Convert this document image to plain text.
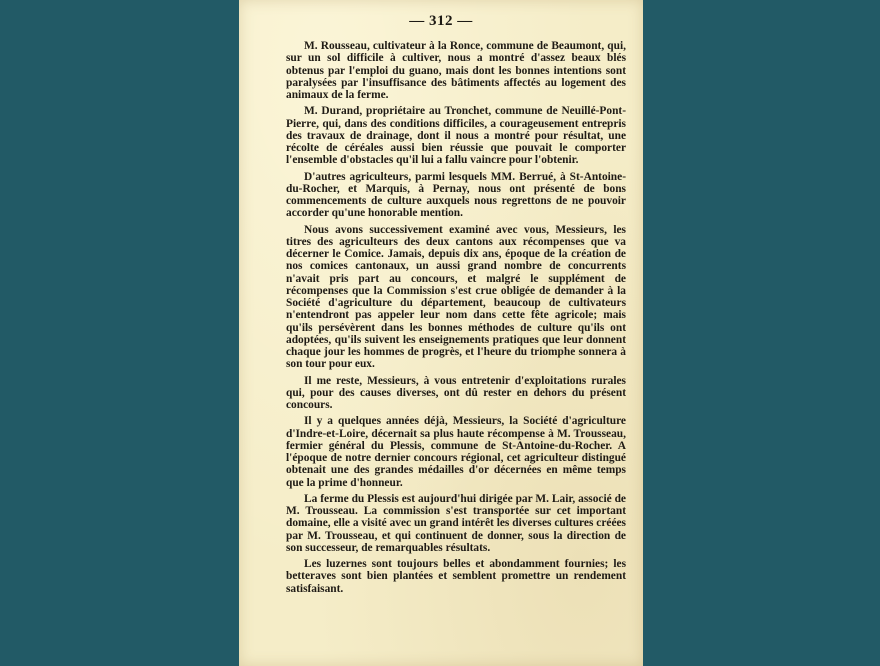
— 312 —

M. Rousseau, cultivateur à la Ronce, commune de Beaumont, qui, sur un sol difficile à cultiver, nous a montré d'assez beaux blés obtenus par l'emploi du guano, mais dont les bonnes intentions sont paralysées par l'insuffisance des bâtiments affectés au logement des animaux de la ferme.

M. Durand, propriétaire au Tronchet, commune de Neuillé-Pont-Pierre, qui, dans des conditions difficiles, a courageusement entrepris des travaux de drainage, dont il nous a montré pour résultat, une récolte de céréales aussi bien réussie que pouvait le comporter l'ensemble d'obstacles qu'il lui a fallu vaincre pour l'obtenir.

D'autres agriculteurs, parmi lesquels MM. Berrué, à St-Antoine-du-Rocher, et Marquis, à Pernay, nous ont présenté de bons commencements de culture auxquels nous regrettons de ne pouvoir accorder qu'une honorable mention.

Nous avons successivement examiné avec vous, Messieurs, les titres des agriculteurs des deux cantons aux récompenses que va décerner le Comice. Jamais, depuis dix ans, époque de la création de nos comices cantonaux, un aussi grand nombre de concurrents n'avait pris part au concours, et malgré le supplément de récompenses que la Commission s'est crue obligée de demander à la Société d'agriculture du département, beaucoup de cultivateurs n'entendront pas appeler leur nom dans cette fête agricole; mais qu'ils persévèrent dans les bonnes méthodes de culture qu'ils ont adoptées, qu'ils suivent les enseignements pratiques que leur donnent chaque jour les hommes de progrès, et l'heure du triomphe sonnera à son tour pour eux.

Il me reste, Messieurs, à vous entretenir d'exploitations rurales qui, pour des causes diverses, ont dû rester en dehors du présent concours.

Il y a quelques années déjà, Messieurs, la Société d'agriculture d'Indre-et-Loire, décernait sa plus haute récompense à M. Trousseau, fermier général du Plessis, commune de St-Antoine-du-Rocher. A l'époque de notre dernier concours régional, cet agriculteur distingué obtenait une des grandes médailles d'or décernées en même temps que la prime d'honneur.

La ferme du Plessis est aujourd'hui dirigée par M. Lair, associé de M. Trousseau. La commission s'est transportée sur cet important domaine, elle a visité avec un grand intérêt les diverses cultures créées par M. Trousseau, et qui continuent de donner, sous la direction de son successeur, de remarquables résultats.

Les luzernes sont toujours belles et abondamment fournies; les betteraves sont bien plantées et semblent promettre un rendement satisfaisant.
